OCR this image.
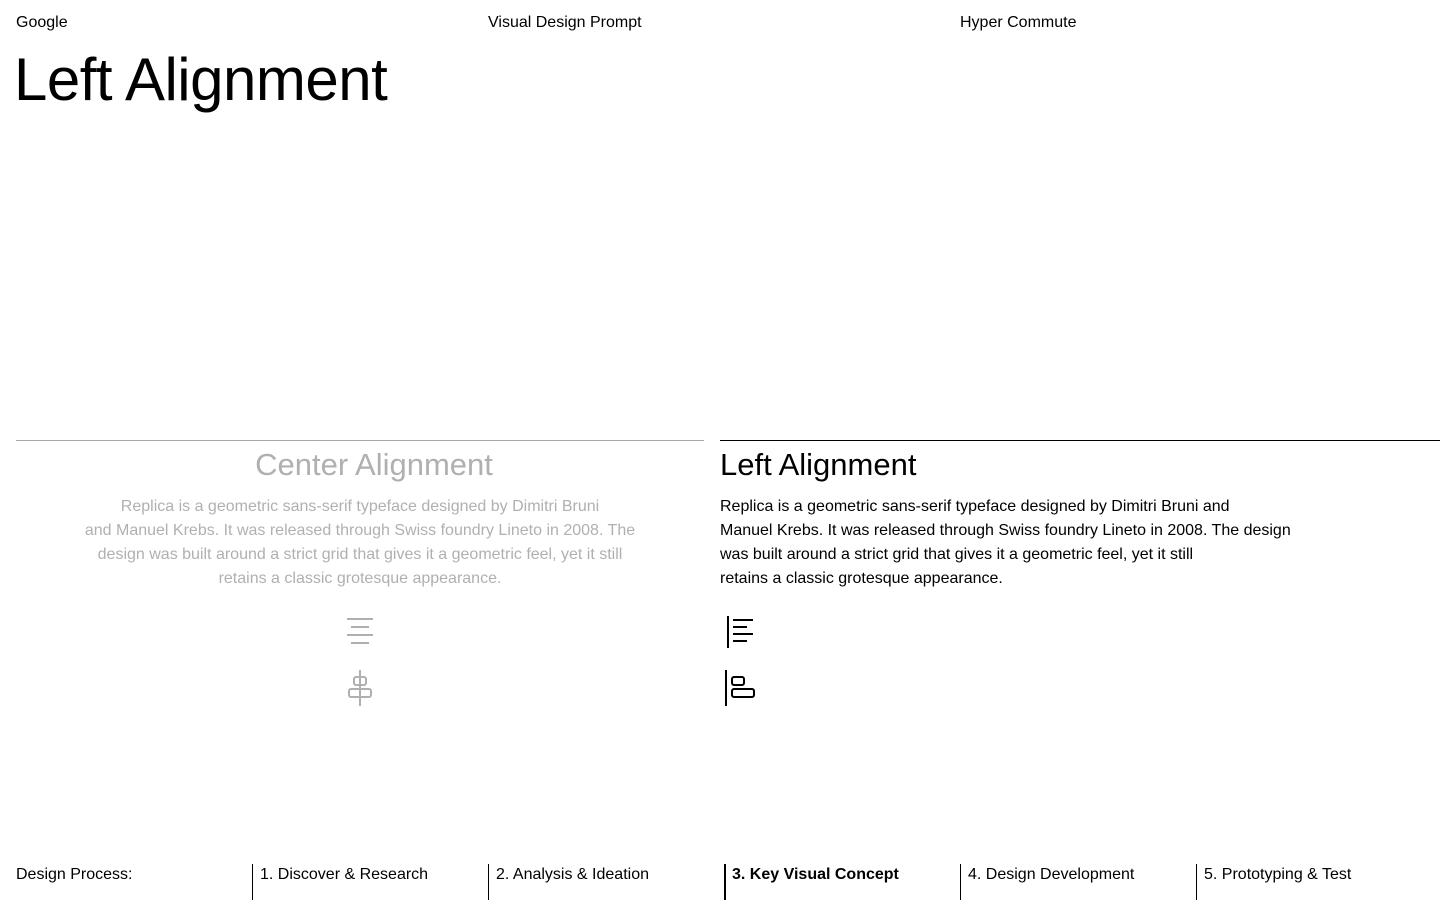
Google	Visual Design Prompt	Hyper Commute
Left Alignment
Center Alignment
Replica is a geometric sans-serif typeface designed by Dimitri Bruni
and Manuel Krebs. It was released through Swiss foundry Lineto in 2008. The
design was built around a strict grid that gives it a geometric feel, yet it still
retains a classic grotesque appearance.
Left Alignment
Replica is a geometric sans-serif typeface designed by Dimitri Bruni and
Manuel Krebs. It was released through Swiss foundry Lineto in 2008. The design
was built around a strict grid that gives it a geometric feel, yet it still
retains a classic grotesque appearance.
Design Process:	1. Discover & Research	2. Analysis & Ideation	3. Key Visual Concept	4. Design Development	5. Prototyping & Test
